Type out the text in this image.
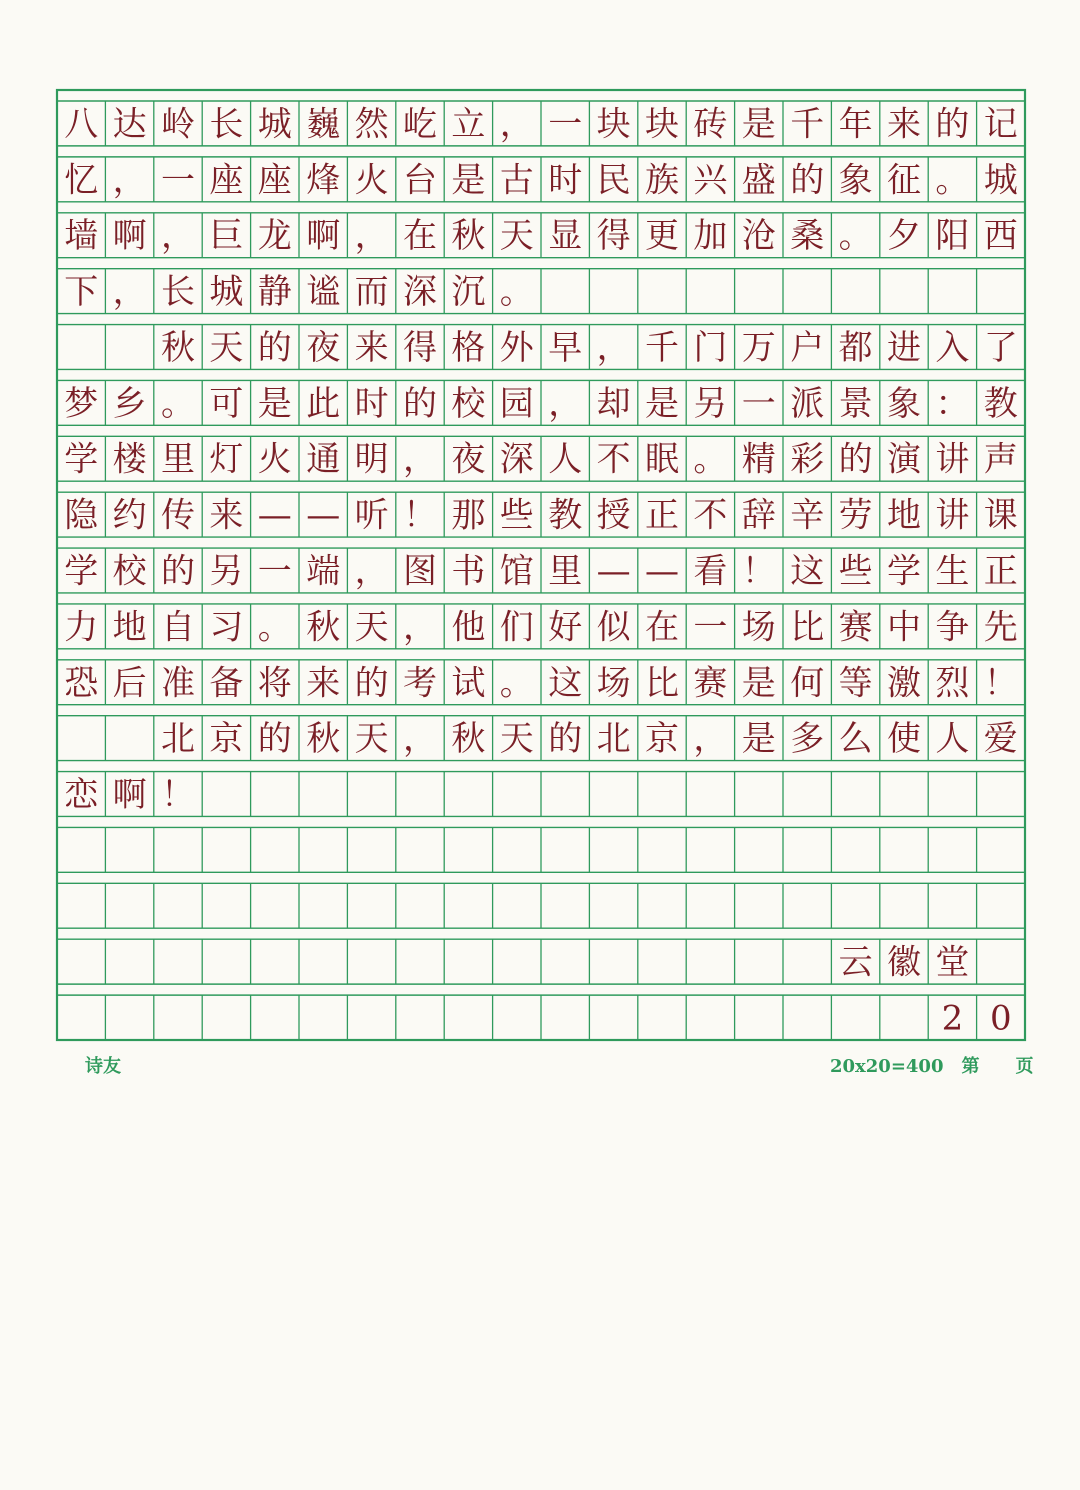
八 达 岭 长 城 巍 然 屹 立 ， 一 块 块 砖 是 千 年 来 的 记
忆 ， 一 座 座 烽 火 台 是 古 时 民 族 兴 盛 的 象 征 。 城
墙 啊 ， 巨 龙 啊 ， 在 秋 天 显 得 更 加 沧 桑 。 夕 阳 西
下 ， 长 城 静 谧 而 深 沉 。
秋 天 的 夜 来 得 格 外 早 ， 千 门 万 户 都 进 入 了
梦 乡 。 可 是 此 时 的 校 园 ， 却 是 另 一 派 景 象 ： 教
学 楼 里 灯 火 通 明 ， 夜 深 人 不 眠 。 精 彩 的 演 讲 声
隐 约 传 来 — — 听 ！ 那 些 教 授 正 不 辞 辛 劳 地 讲 课
学 校 的 另 一 端 ， 图 书 馆 里 — — 看 ！ 这 些 学 生 正
力 地 自 习 。 秋 天 ， 他 们 好 似 在 一 场 比 赛 中 争 先
恐 后 准 备 将 来 的 考 试 。 这 场 比 赛 是 何 等 激 烈 ！
北 京 的 秋 天 ， 秋 天 的 北 京 ， 是 多 么 使 人 爱
恋 啊 ！
云 徽 堂
2 0
诗友	20x20=400 第 页
